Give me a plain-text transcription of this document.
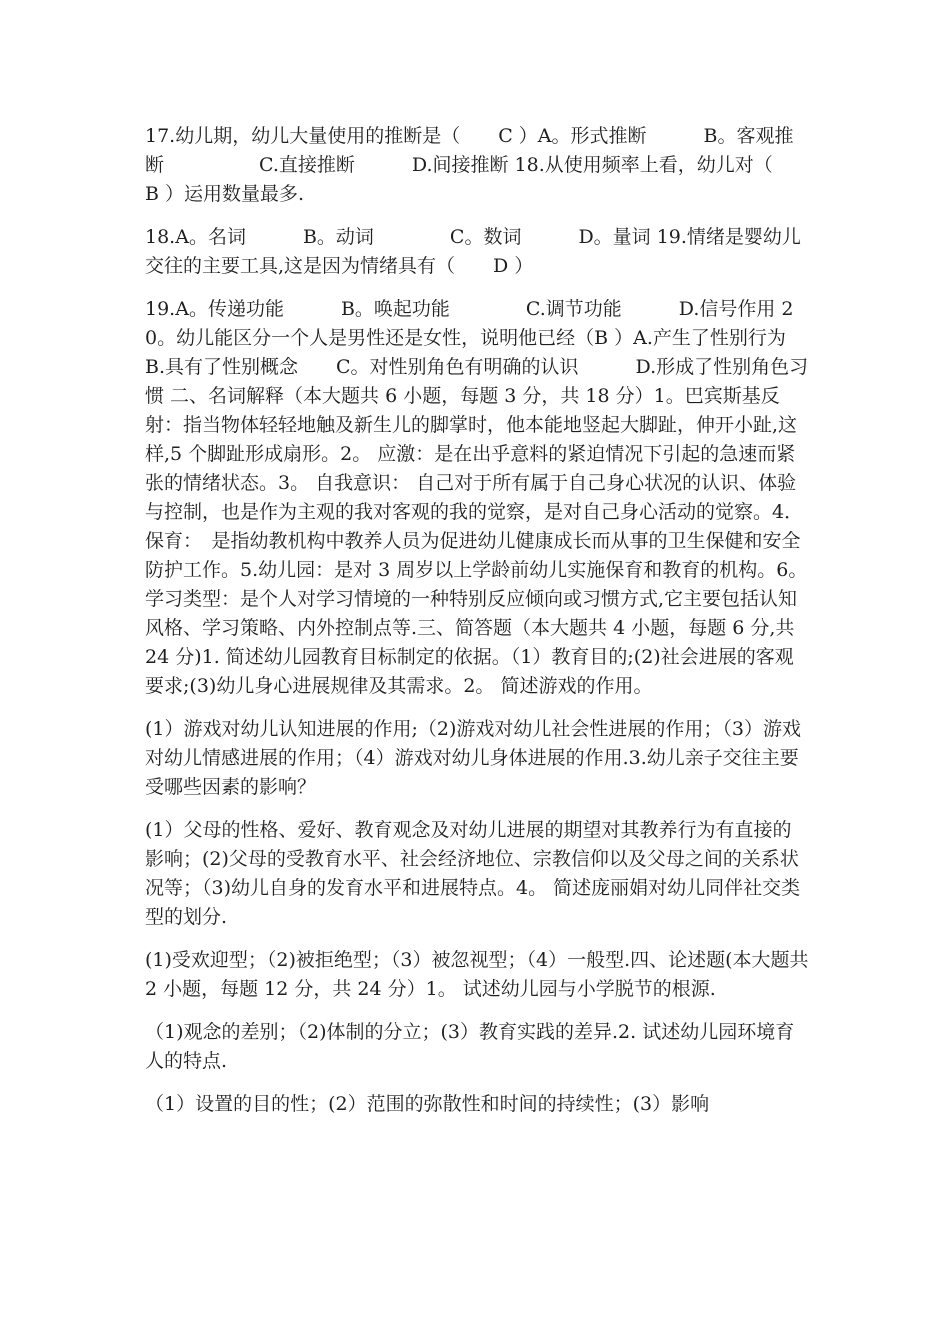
17.幼儿期，幼儿大量使用的推断是（　　C ）A。形式推断　　　B。客观推断　　　　　C.直接推断　　　D.间接推断 18.从使用频率上看，幼儿对（　　B ）运用数量最多.

18.A。名词　　　B。动词　　　　C。数词　　　D。量词 19.情绪是婴幼儿交往的主要工具,这是因为情绪具有（　　D ）

19.A。传递功能　　　B。唤起功能　　　　C.调节功能　　　D.信号作用 20。幼儿能区分一个人是男性还是女性，说明他已经（B ）A.产生了性别行为　　B.具有了性别概念　　C。对性别角色有明确的认识　　　D.形成了性别角色习惯 二、名词解释（本大题共 6 小题，每题 3 分，共 18 分）1。巴宾斯基反射：指当物体轻轻地触及新生儿的脚掌时，他本能地竖起大脚趾，伸开小趾,这样,5 个脚趾形成扇形。2。 应激：是在出乎意料的紧迫情况下引起的急速而紧张的情绪状态。3。 自我意识： 自己对于所有属于自己身心状况的认识、体验与控制，也是作为主观的我对客观的我的觉察，是对自己身心活动的觉察。4．保育：　是指幼教机构中教养人员为促进幼儿健康成长而从事的卫生保健和安全防护工作。5.幼儿园：是对 3 周岁以上学龄前幼儿实施保育和教育的机构。6。 学习类型：是个人对学习情境的一种特别反应倾向或习惯方式,它主要包括认知风格、学习策略、内外控制点等.三、简答题（本大题共 4 小题，每题 6 分,共 24 分)1. 简述幼儿园教育目标制定的依据。（1）教育目的;(2)社会进展的客观要求;(3)幼儿身心进展规律及其需求。2。 简述游戏的作用。

(1）游戏对幼儿认知进展的作用;（2)游戏对幼儿社会性进展的作用；（3）游戏对幼儿情感进展的作用；（4）游戏对幼儿身体进展的作用.3.幼儿亲子交往主要受哪些因素的影响？

(1）父母的性格、爱好、教育观念及对幼儿进展的期望对其教养行为有直接的影响；(2)父母的受教育水平、社会经济地位、宗教信仰以及父母之间的关系状况等；（3)幼儿自身的发育水平和进展特点。4。 简述庞丽娟对幼儿同伴社交类型的划分.

(1)受欢迎型；（2)被拒绝型；（3）被忽视型；（4）一般型.四、论述题(本大题共 2 小题，每题 12 分，共 24 分）1。 试述幼儿园与小学脱节的根源.

（1)观念的差别；（2)体制的分立；(3）教育实践的差异.2. 试述幼儿园环境育人的特点.

（1）设置的目的性；(2）范围的弥散性和时间的持续性；(3）影响
